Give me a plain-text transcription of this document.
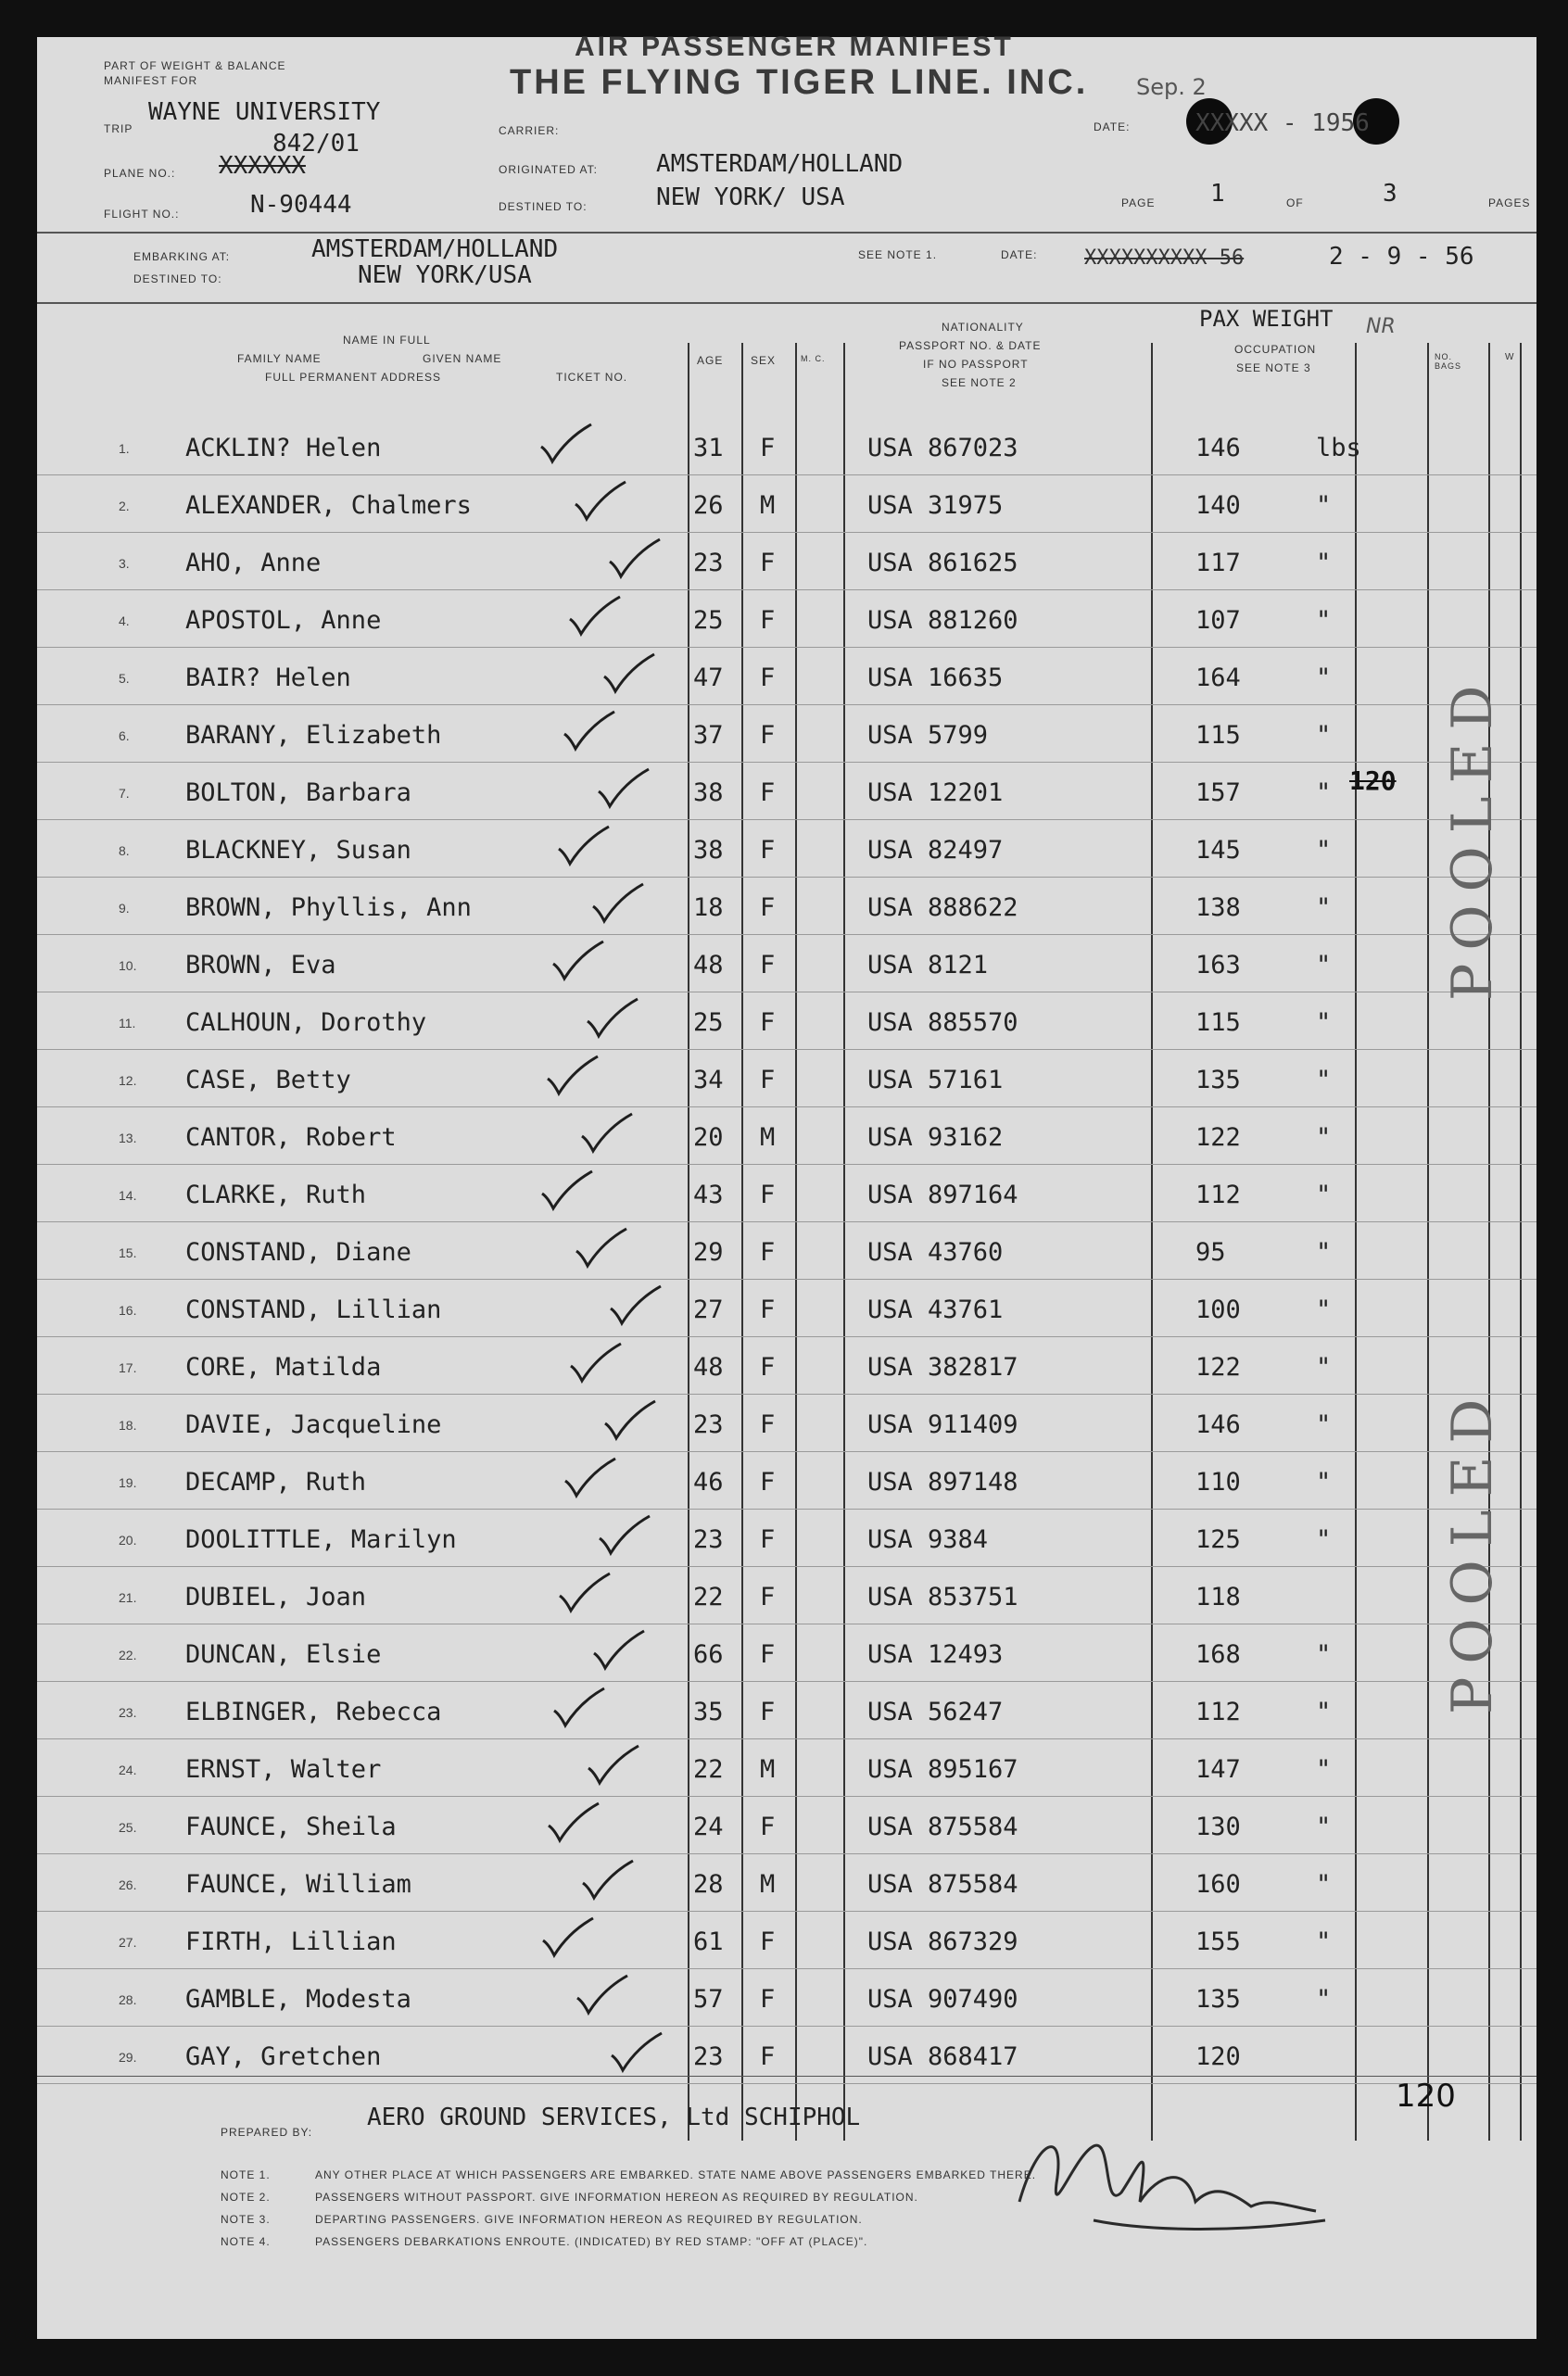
AIR PASSENGER MANIFEST
THE FLYING TIGER LINE. INC.
PART OF WEIGHT & BALANCE
MANIFEST FOR
TRIP
WAYNE UNIVERSITY
842/01
PLANE NO.: XXXXXX
FLIGHT NO.:	N-90444
CARRIER:
ORIGINATED AT: AMSTERDAM/HOLLAND
DESTINED TO:	NEW YORK/ USA
Sep. 2
DATE:	XXXXX - 1956
PAGE 1	OF	3	PAGES
EMBARKING AT:	AMSTERDAM/HOLLAND
DESTINED TO:	NEW YORK/USA
SEE NOTE 1.	DATE: XXXXXXXXXX-56	2 - 9 - 56
NAME IN FULL
FAMILY NAME	GIVEN NAME
FULL PERMANENT ADDRESS	TICKET NO.
AGE SEX	M. C.
NATIONALITY
PASSPORT NO. & DATE
IF NO PASSPORT
SEE NOTE 2
PAX WEIGHT
OCCUPATION
SEE NOTE 3
NR
NO. BAGS
W
1. ACKLIN? Helen	31 F	USA 867023	146	lbs
2. ALEXANDER, Chalmers	26 M	USA 31975	140	"
3. AHO, Anne	23 F	USA 861625	117	"
4. APOSTOL, Anne	25 F	USA 881260	107	"
5. BAIR? Helen	47 F	USA 16635	164	"
6. BARANY, Elizabeth	37 F	USA 5799	115	"
7. BOLTON, Barbara	38 F	USA 12201	157	"
8. BLACKNEY, Susan	38 F	USA 82497	145	"
9. BROWN, Phyllis, Ann	18 F	USA 888622	138	"
10. BROWN, Eva	48 F	USA 8121	163	"
11. CALHOUN, Dorothy	25 F	USA 885570	115	"
12. CASE, Betty	34 F	USA 57161	135	"
13. CANTOR, Robert	20 M	USA 93162	122	"
14. CLARKE, Ruth	43 F	USA 897164	112	"
15. CONSTAND, Diane	29 F	USA 43760	95	"
16. CONSTAND, Lillian	27 F	USA 43761	100	"
17. CORE, Matilda	48 F	USA 382817	122	"
18. DAVIE, Jacqueline	23 F	USA 911409	146	"
19. DECAMP, Ruth	46 F	USA 897148	110	"
20. DOOLITTLE, Marilyn	23 F	USA 9384	125	"
21. DUBIEL, Joan	22 F	USA 853751	118
22. DUNCAN, Elsie	66 F	USA 12493	168	"
23. ELBINGER, Rebecca	35 F	USA 56247	112	"
24. ERNST, Walter	22 M	USA 895167	147	"
25. FAUNCE, Sheila	24 F	USA 875584	130	"
26. FAUNCE, William	28 M	USA 875584	160	"
27. FIRTH, Lillian	61 F	USA 867329	155	"
28. GAMBLE, Modesta	57 F	USA 907490	135	"
29. GAY, Gretchen	23 F	USA 868417	120
120 POOLED
POOLED
120
PREPARED BY:
AERO GROUND SERVICES, Ltd SCHIPHOL
NOTE 1.	ANY OTHER PLACE AT WHICH PASSENGERS ARE EMBARKED. STATE NAME ABOVE PASSENGERS EMBARKED THERE.
NOTE 2.	PASSENGERS WITHOUT PASSPORT. GIVE INFORMATION HEREON AS REQUIRED BY REGULATION.
NOTE 3.	DEPARTING PASSENGERS. GIVE INFORMATION HEREON AS REQUIRED BY REGULATION.
NOTE 4.	PASSENGERS DEBARKATIONS ENROUTE. (INDICATED) BY RED STAMP: "OFF AT (PLACE)".
